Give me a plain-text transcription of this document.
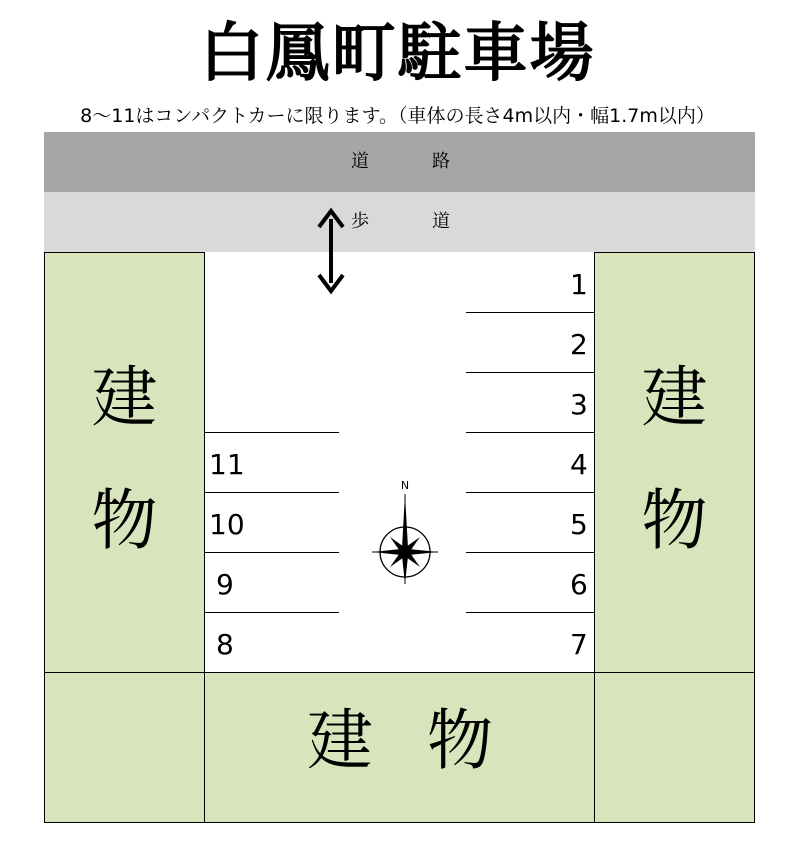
白鳳町駐車場
8～11はコンパクトカーに限ります。（車体の長さ4m以内・幅1.7m以内）
道	路
歩	道
建
物
建
物
建 物
1
2
3
4
5
6
7
11
10
9
8
N
